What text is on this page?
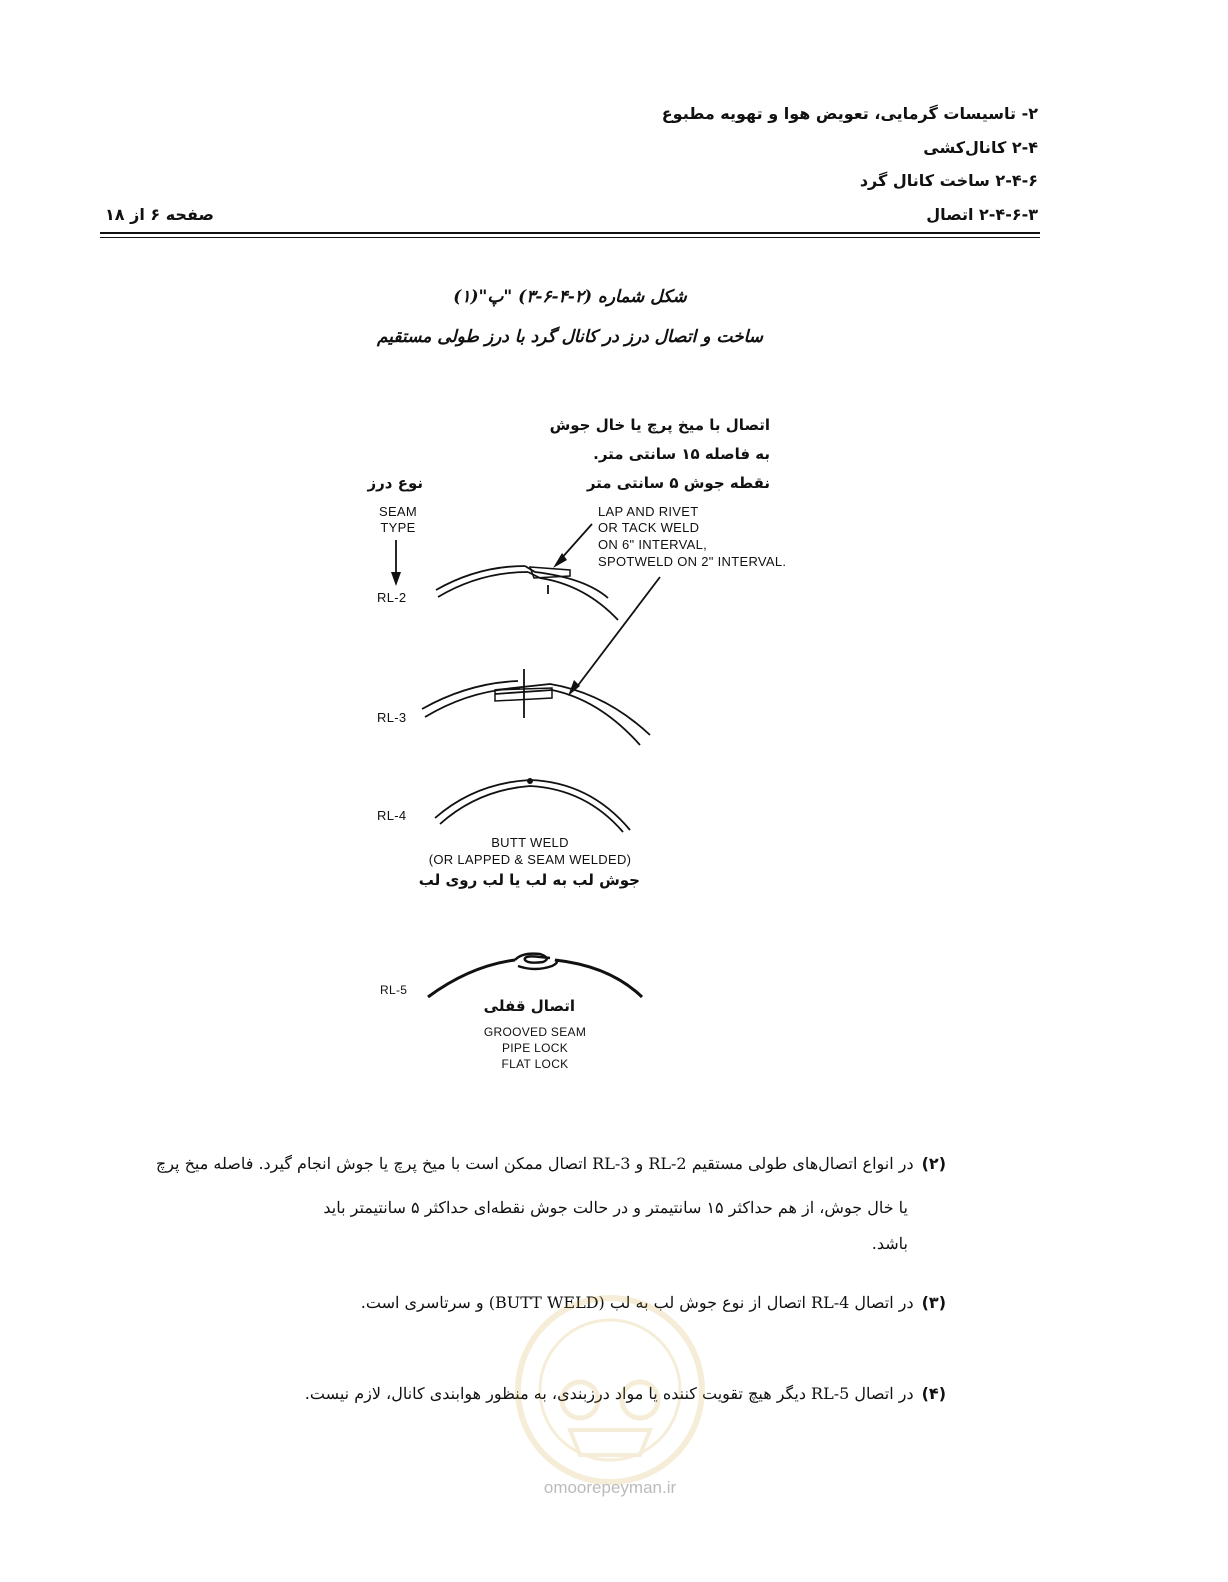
۲- تاسیسات گرمایی، تعویض هوا و تهویه مطبوع
۲-۴ کانال‌کشی
۲-۴-۶ ساخت کانال گرد
۲-۴-۶-۳ اتصال
صفحه ۶ از ۱۸
شکل شماره (۲-۴-۶-۳) "پ"(۱)
ساخت و اتصال درز در کانال گرد با درز طولی مستقیم
اتصال با میخ پرچ یا خال جوش
به فاصله ۱۵ سانتی متر.
نقطه جوش ۵ سانتی متر
نوع درز
SEAM
TYPE
LAP AND RIVET
OR TACK WELD
ON 6" INTERVAL,
SPOTWELD ON 2" INTERVAL.
RL-2
RL-3
RL-4
RL-5
BUTT WELD
(OR LAPPED & SEAM WELDED)
جوش لب به لب یا لب روی لب
اتصال قفلی
GROOVED SEAM
PIPE LOCK
FLAT LOCK
(۲)در انواع اتصال‌های طولی مستقیم RL-2 و RL-3 اتصال ممکن است با میخ پرچ یا جوش انجام گیرد. فاصله میخ پرچ
یا خال جوش، از هم حداکثر ۱۵ سانتیمتر و در حالت جوش نقطه‌ای حداکثر ۵ سانتیمتر باید باشد.
(۳)در اتصال RL-4 اتصال از نوع جوش لب به لب (BUTT WELD) و سرتاسری است.
(۴)در اتصال RL-5 دیگر هیچ تقویت کننده یا مواد درزبندی، به منظور هوابندی کانال، لازم نیست.
omoorepeyman.ir
